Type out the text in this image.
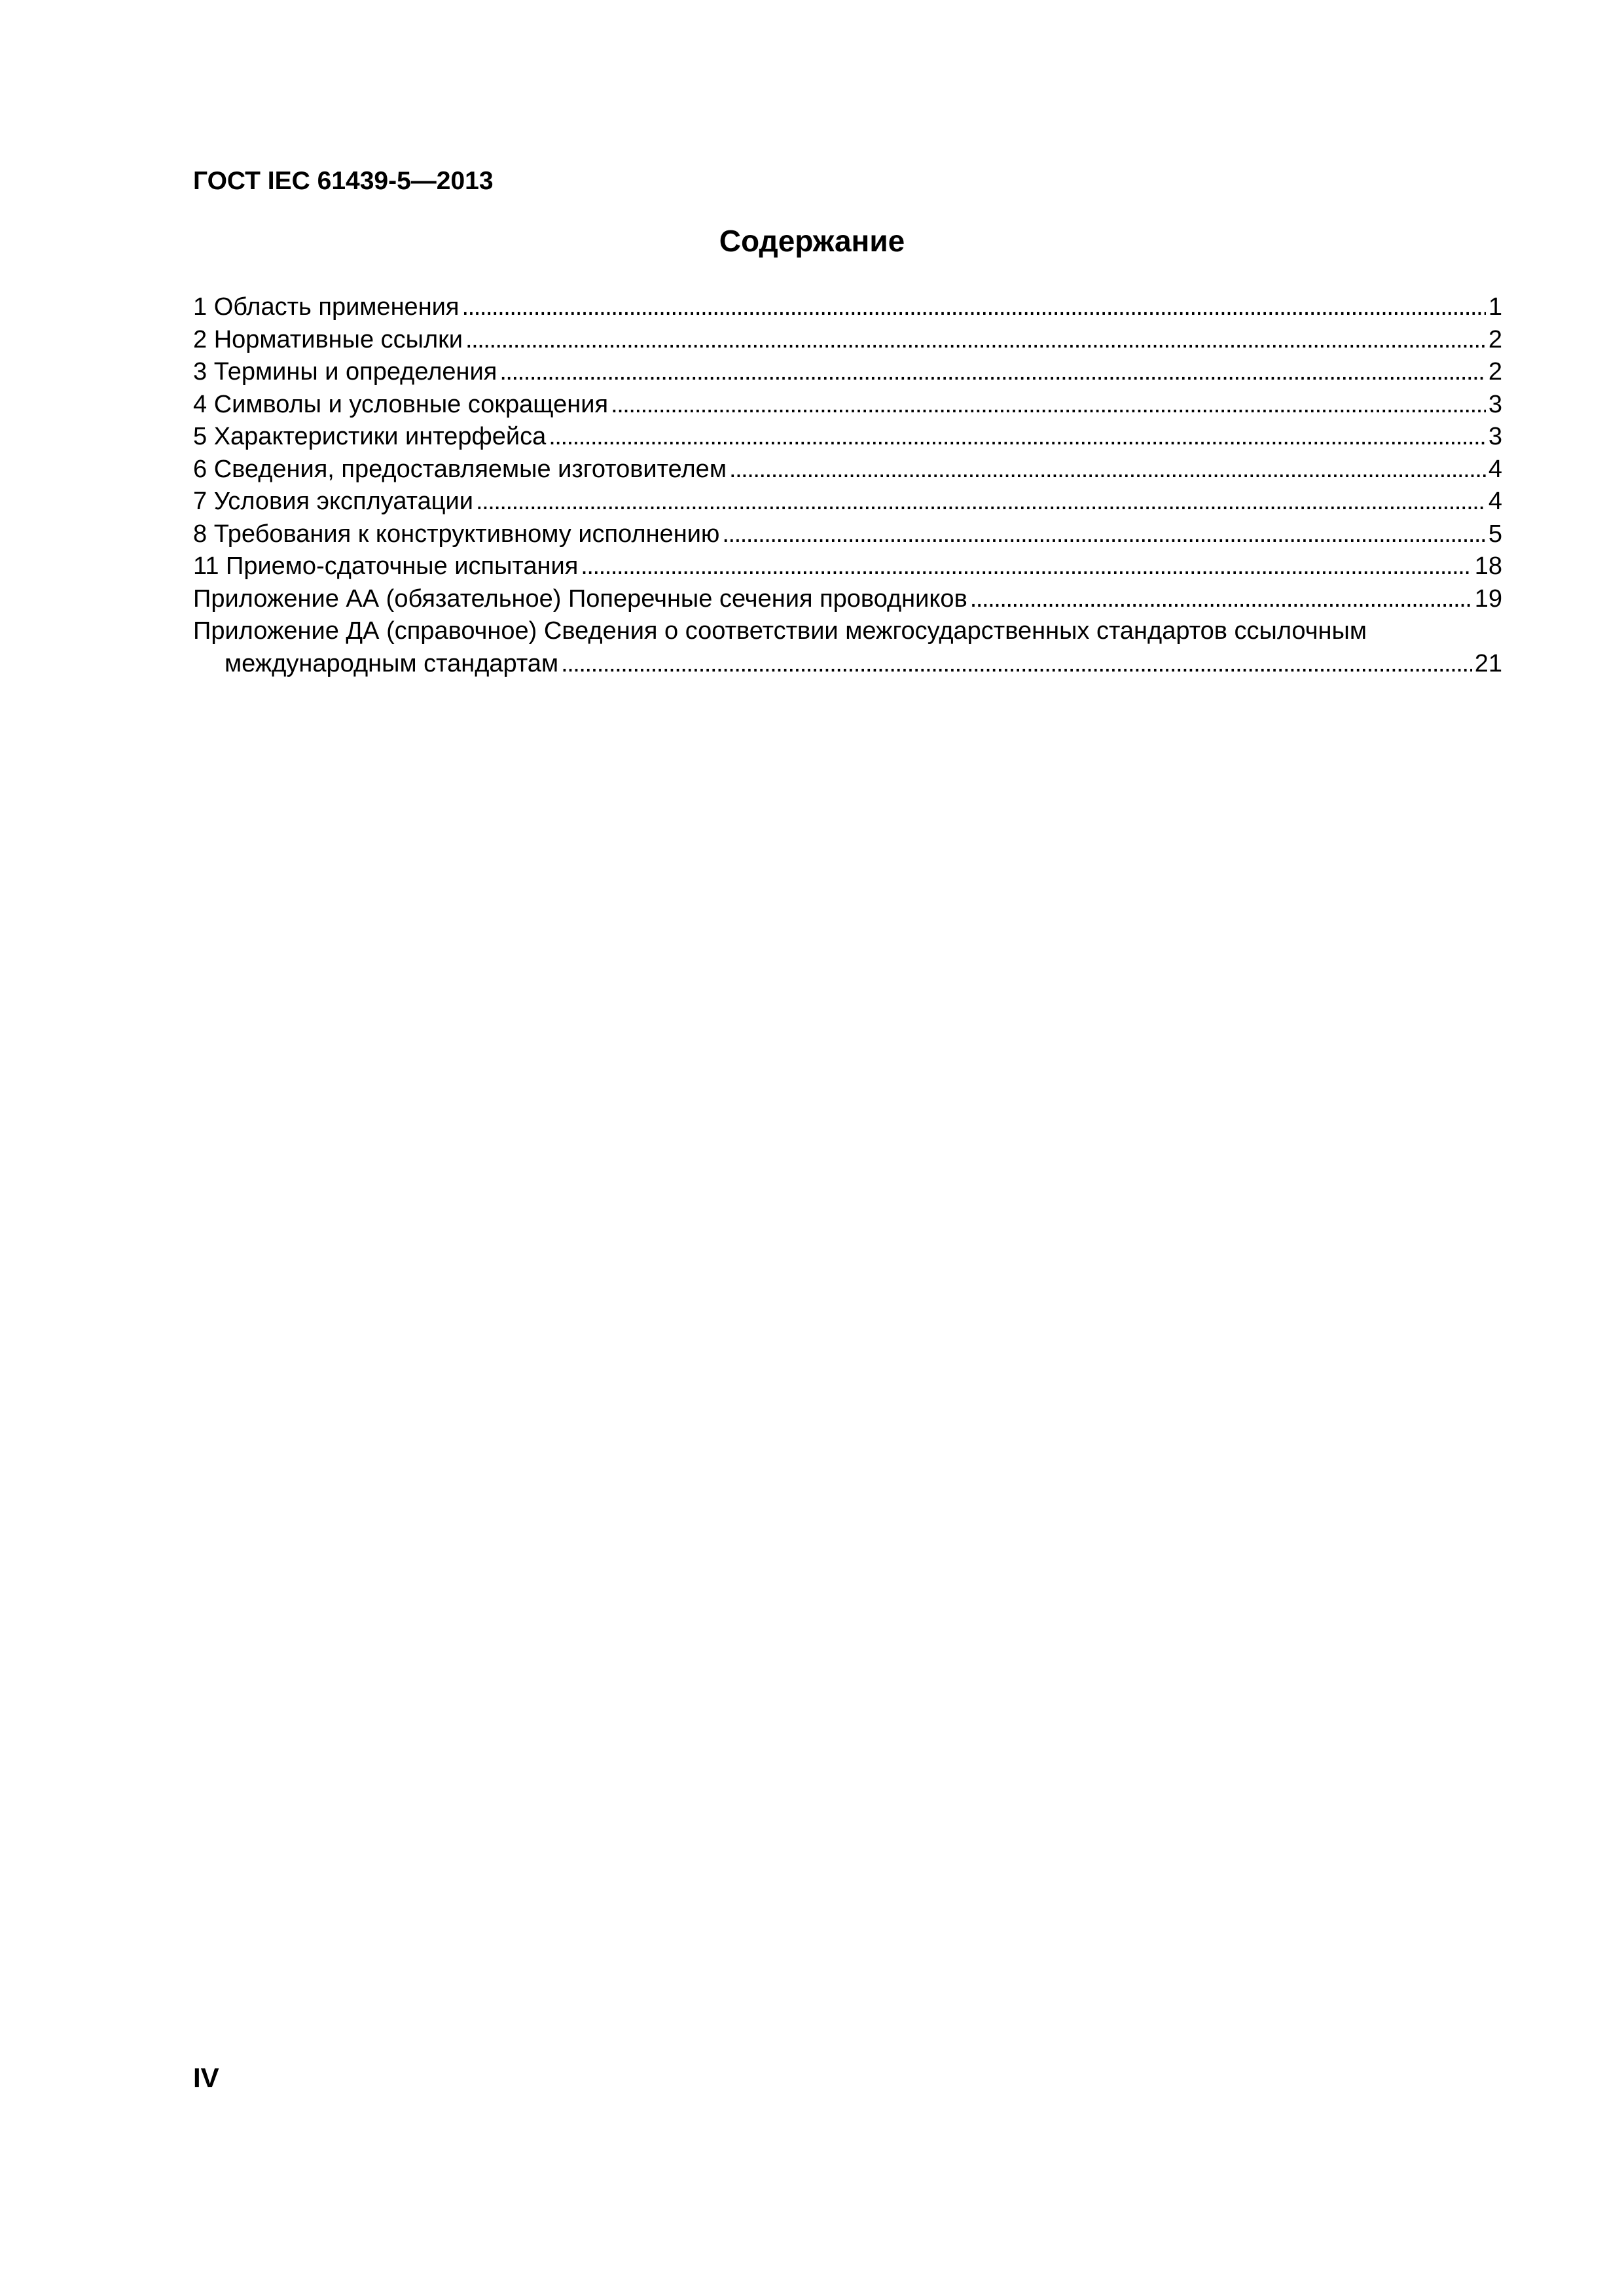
ГОСТ IEC 61439-5—2013
Содержание
1 Область применения . . .	1
2 Нормативные ссылки . . .	2
3 Термины и определения . . .	2
4 Символы и условные сокращения . . .	3
5 Характеристики интерфейса . . .	3
6 Сведения, предоставляемые изготовителем . . .	4
7 Условия эксплуатации . . .	4
8 Требования к конструктивному исполнению . . .	5
11 Приемо-сдаточные испытания . . .	18
Приложение АА (обязательное) Поперечные сечения проводников . . .	19
Приложение ДА (справочное) Сведения о соответствии межгосударственных стандартов ссылочным
международным стандартам . . .	21
IV
